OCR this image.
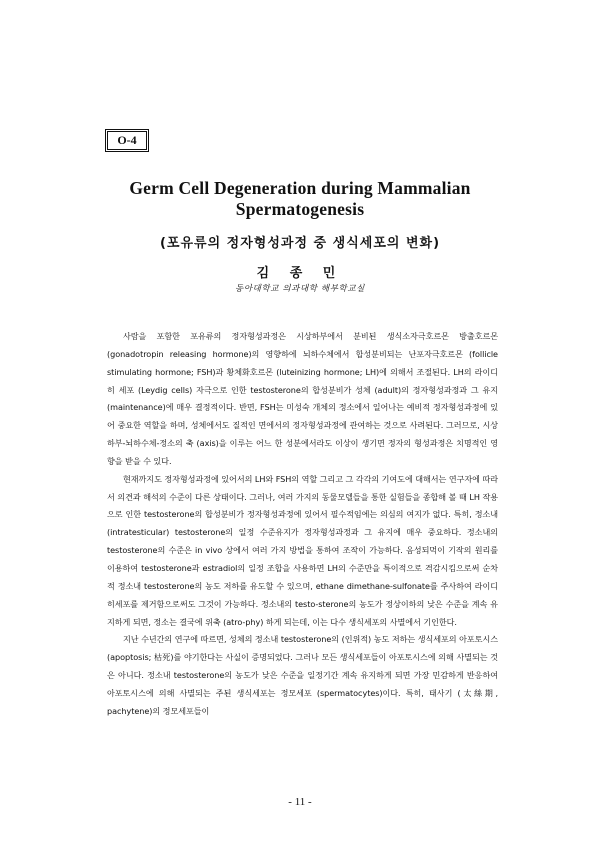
O-4
Germ Cell Degeneration during Mammalian Spermatogenesis
(포유류의 정자형성과정 중 생식세포의 변화)
김 종 민
동아대학교 의과대학 해부학교실

사람을 포함한 포유류의 정자형성과정은 시상하부에서 분비된 생식소자극호르몬 방출호르몬 (gonadotropin releasing hormone)의 영향하에 뇌하수체에서 합성분비되는 난포자극호르몬 (follicle stimulating hormone; FSH)과 황체화호르몬 (luteinizing hormone; LH)에 의해서 조절된다. LH의 라이디히 세포 (Leydig cells) 자극으로 인한 testosterone의 합성분비가 성체 (adult)의 정자형성과정과 그 유지 (maintenance)에 매우 결정적이다. 반면, FSH는 미성숙 개체의 정소에서 일어나는 예비적 정자형성과정에 있어 중요한 역할을 하며, 성체에서도 질적인 면에서의 정자형성과정에 관여하는 것으로 사려된다. 그러므로, 시상하부-뇌하수체-정소의 축 (axis)을 이루는 어느 한 성분에서라도 이상이 생기면 정자의 형성과정은 치명적인 영향을 받을 수 있다.

현재까지도 정자형성과정에 있어서의 LH와 FSH의 역할 그리고 그 각각의 기여도에 대해서는 연구자에 따라서 의견과 해석의 수준이 다른 상태이다. 그러나, 여러 가지의 동물모델들을 통한 실험들을 종합해 볼 때 LH 작용으로 인한 testosterone의 합성분비가 정자형성과정에 있어서 필수적임에는 의심의 여지가 없다. 특히, 정소내 (intratesticular) testosterone의 일정 수준유지가 정자형성과정과 그 유지에 매우 중요하다. 정소내의 testosterone의 수준은 in vivo 상에서 여러 가지 방법을 통하여 조작이 가능하다. 음성되먹이 기작의 원리를 이용하여 testosterone과 estradiol의 일정 조합을 사용하면 LH의 수준만을 특이적으로 격감시킴으로써 순차적 정소내 testosterone의 농도 저하를 유도할 수 있으며, ethane dimethane-sulfonate를 주사하여 라이디히세포를 제거함으로써도 그것이 가능하다. 정소내의 testo-sterone의 농도가 정상이하의 낮은 수준을 계속 유지하게 되면, 정소는 결국에 위축 (atro-phy) 하게 되는데, 이는 다수 생식세포의 사멸에서 기인한다.

지난 수년간의 연구에 따르면, 성체의 정소내 testosterone의 (인위적) 농도 저하는 생식세포의 아포토시스 (apoptosis; 枯死)를 야기한다는 사실이 증명되었다. 그러나 모든 생식세포들이 아포토시스에 의해 사멸되는 것은 아니다. 정소내 testosterone의 농도가 낮은 수준을 일정기간 계속 유지하게 되면 가장 민감하게 반응하여 아포토시스에 의해 사멸되는 주된 생식세포는 정모세포 (spermatocytes)이다. 특히, 태사기 (太絲期, pachytene)의 정모세포들이

- 11 -
